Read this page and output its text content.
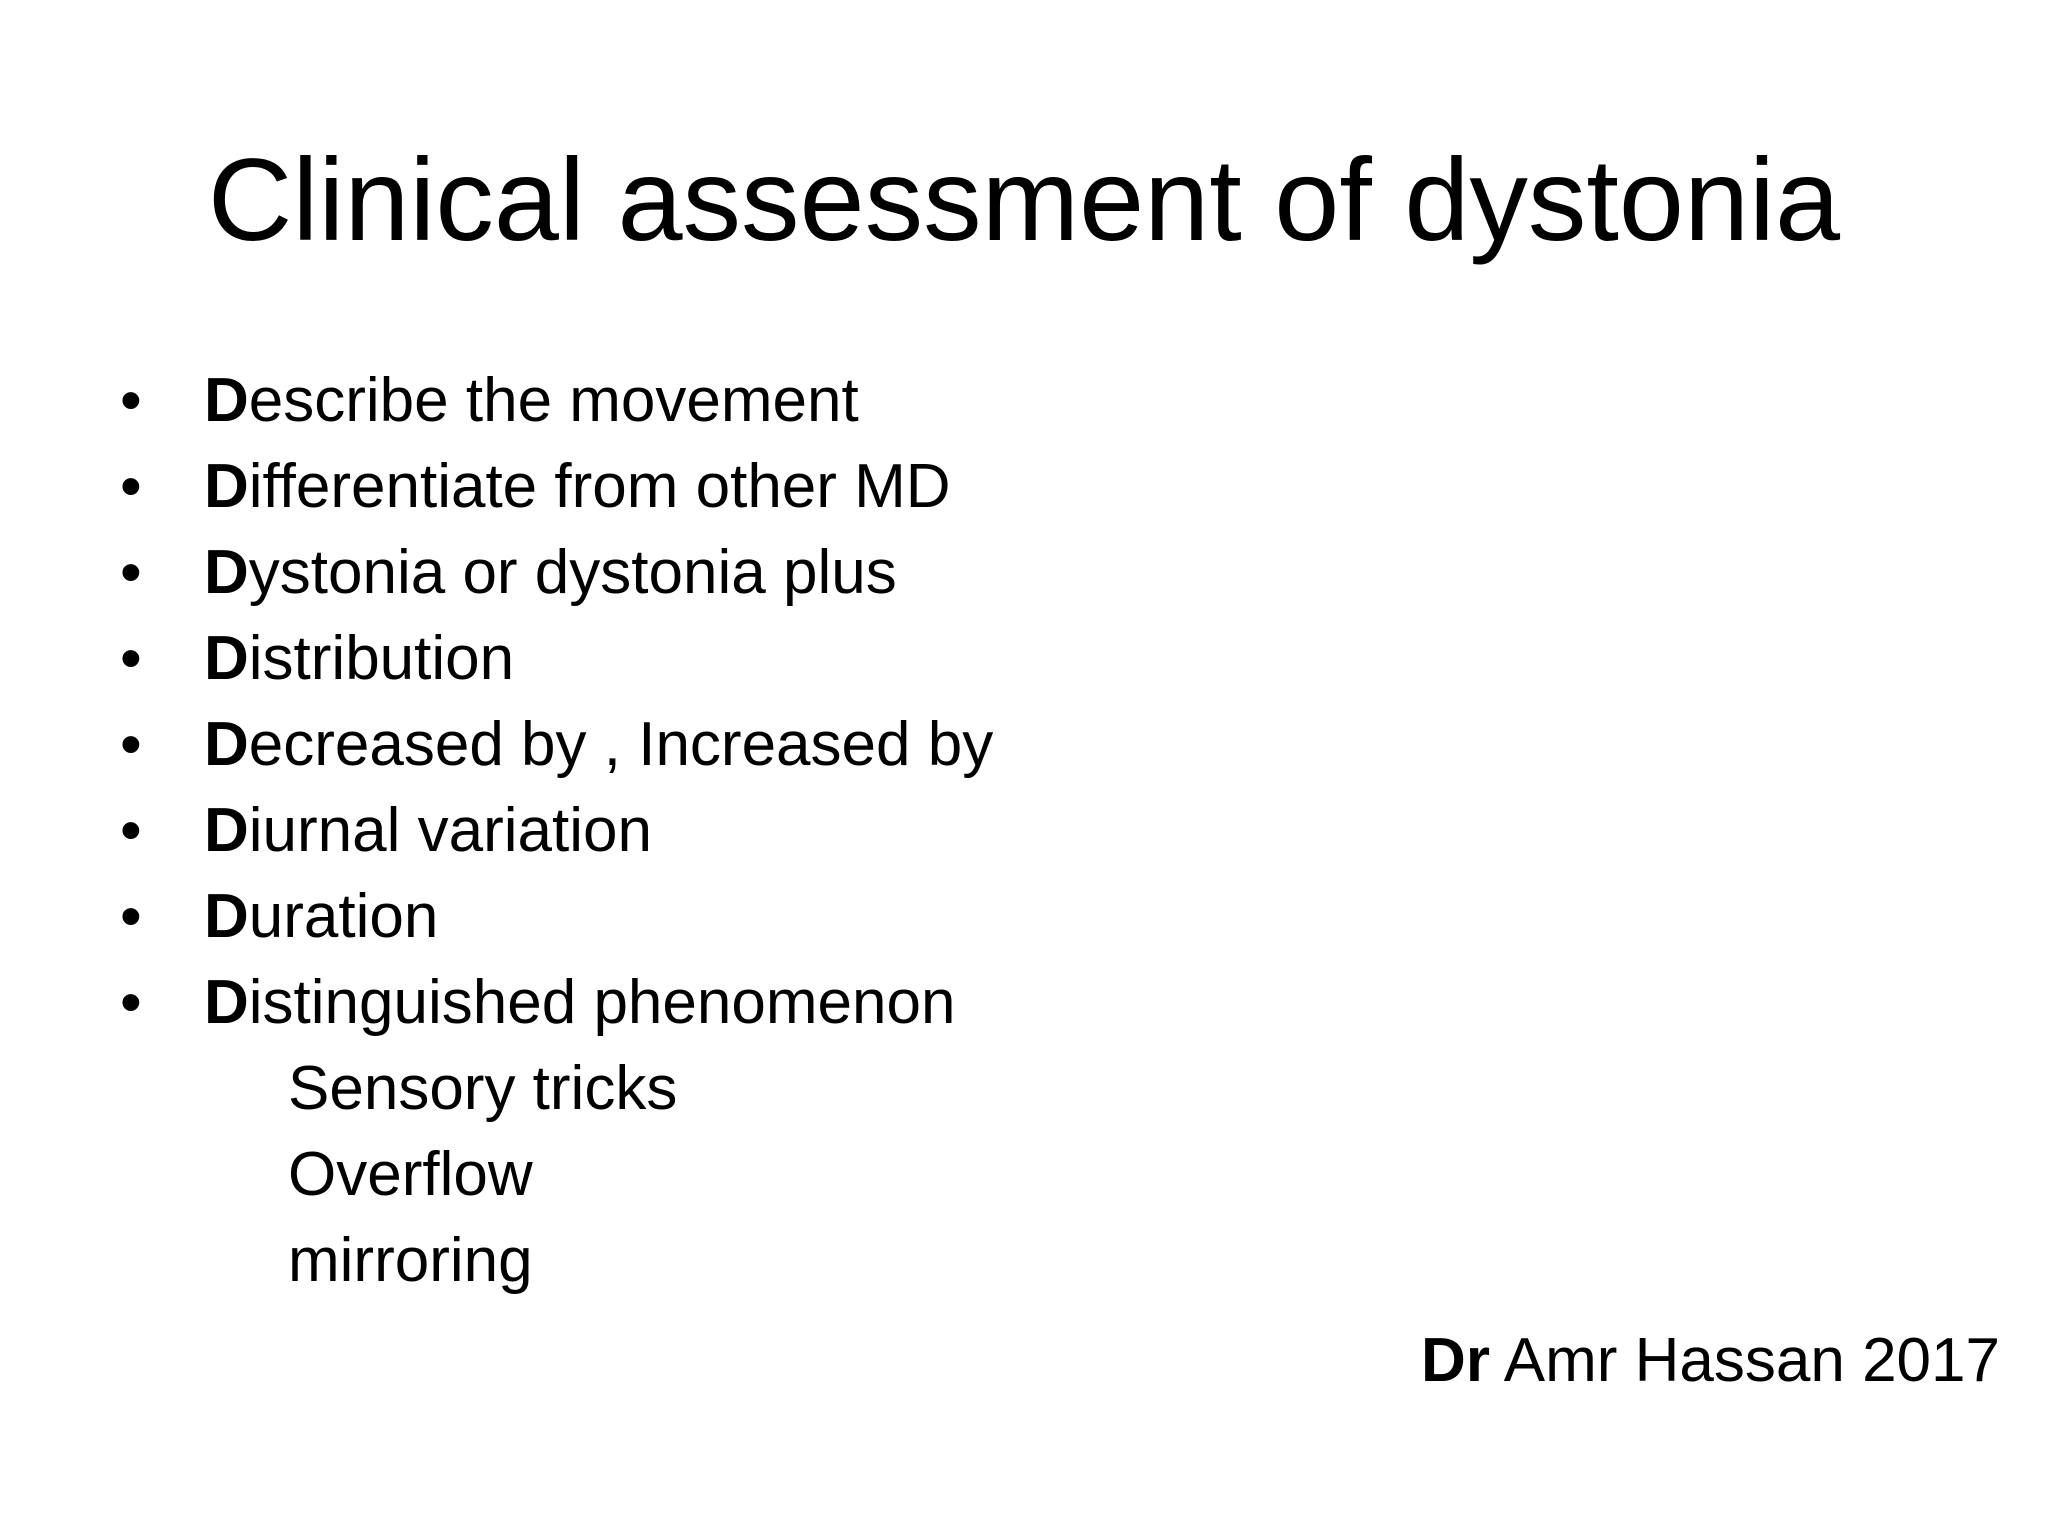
Clinical assessment of dystonia
• Describe the movement
• Differentiate from other MD
• Dystonia or dystonia plus
• Distribution
• Decreased by , Increased by
• Diurnal variation
• Duration
• Distinguished phenomenon
Sensory tricks
Overflow
mirroring
Dr Amr Hassan 2017
